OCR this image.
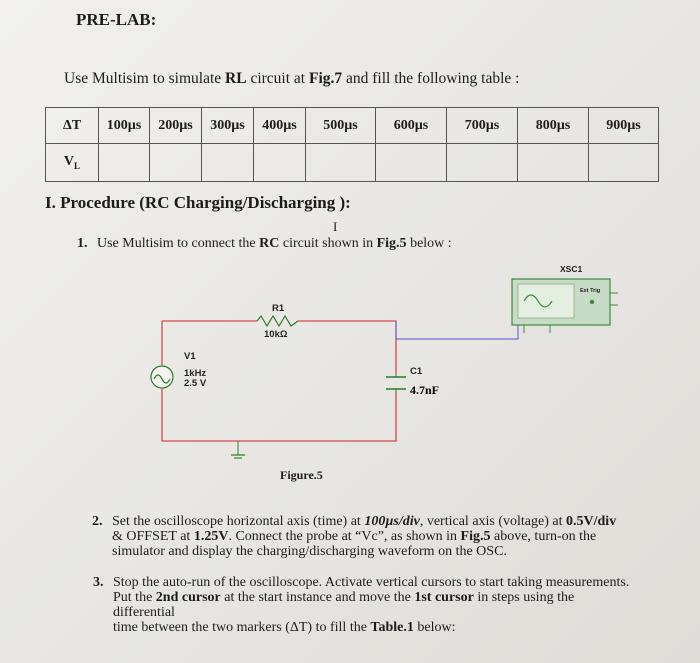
PRE-LAB:
Use Multisim to simulate RL circuit at Fig.7 and fill the following table :
ΔT	100µs	200µs	300µs	400µs	500µs	600µs	700µs	800µs	900µs
$V_L$									
I. Procedure (RC Charging/Discharging ):
1. Use Multisim to connect the RC circuit shown in Fig.5 below :
I
R1
10kΩ
V1
1kHz
2.5 V
C1
4.7nF
XSC1
Ext Trig
Figure.5
2. Set the oscilloscope horizontal axis (time) at 100µs/div, vertical axis (voltage) at 0.5V/div
& OFFSET at 1.25V. Connect the probe at “Vc”, as shown in Fig.5 above, turn-on the
simulator and display the charging/discharging waveform on the OSC.
3. Stop the auto-run of the oscilloscope. Activate vertical cursors to start taking measurements.
Put the 2nd cursor at the start instance and move the 1st cursor in steps using the differential
time between the two markers (ΔT) to fill the Table.1 below:
